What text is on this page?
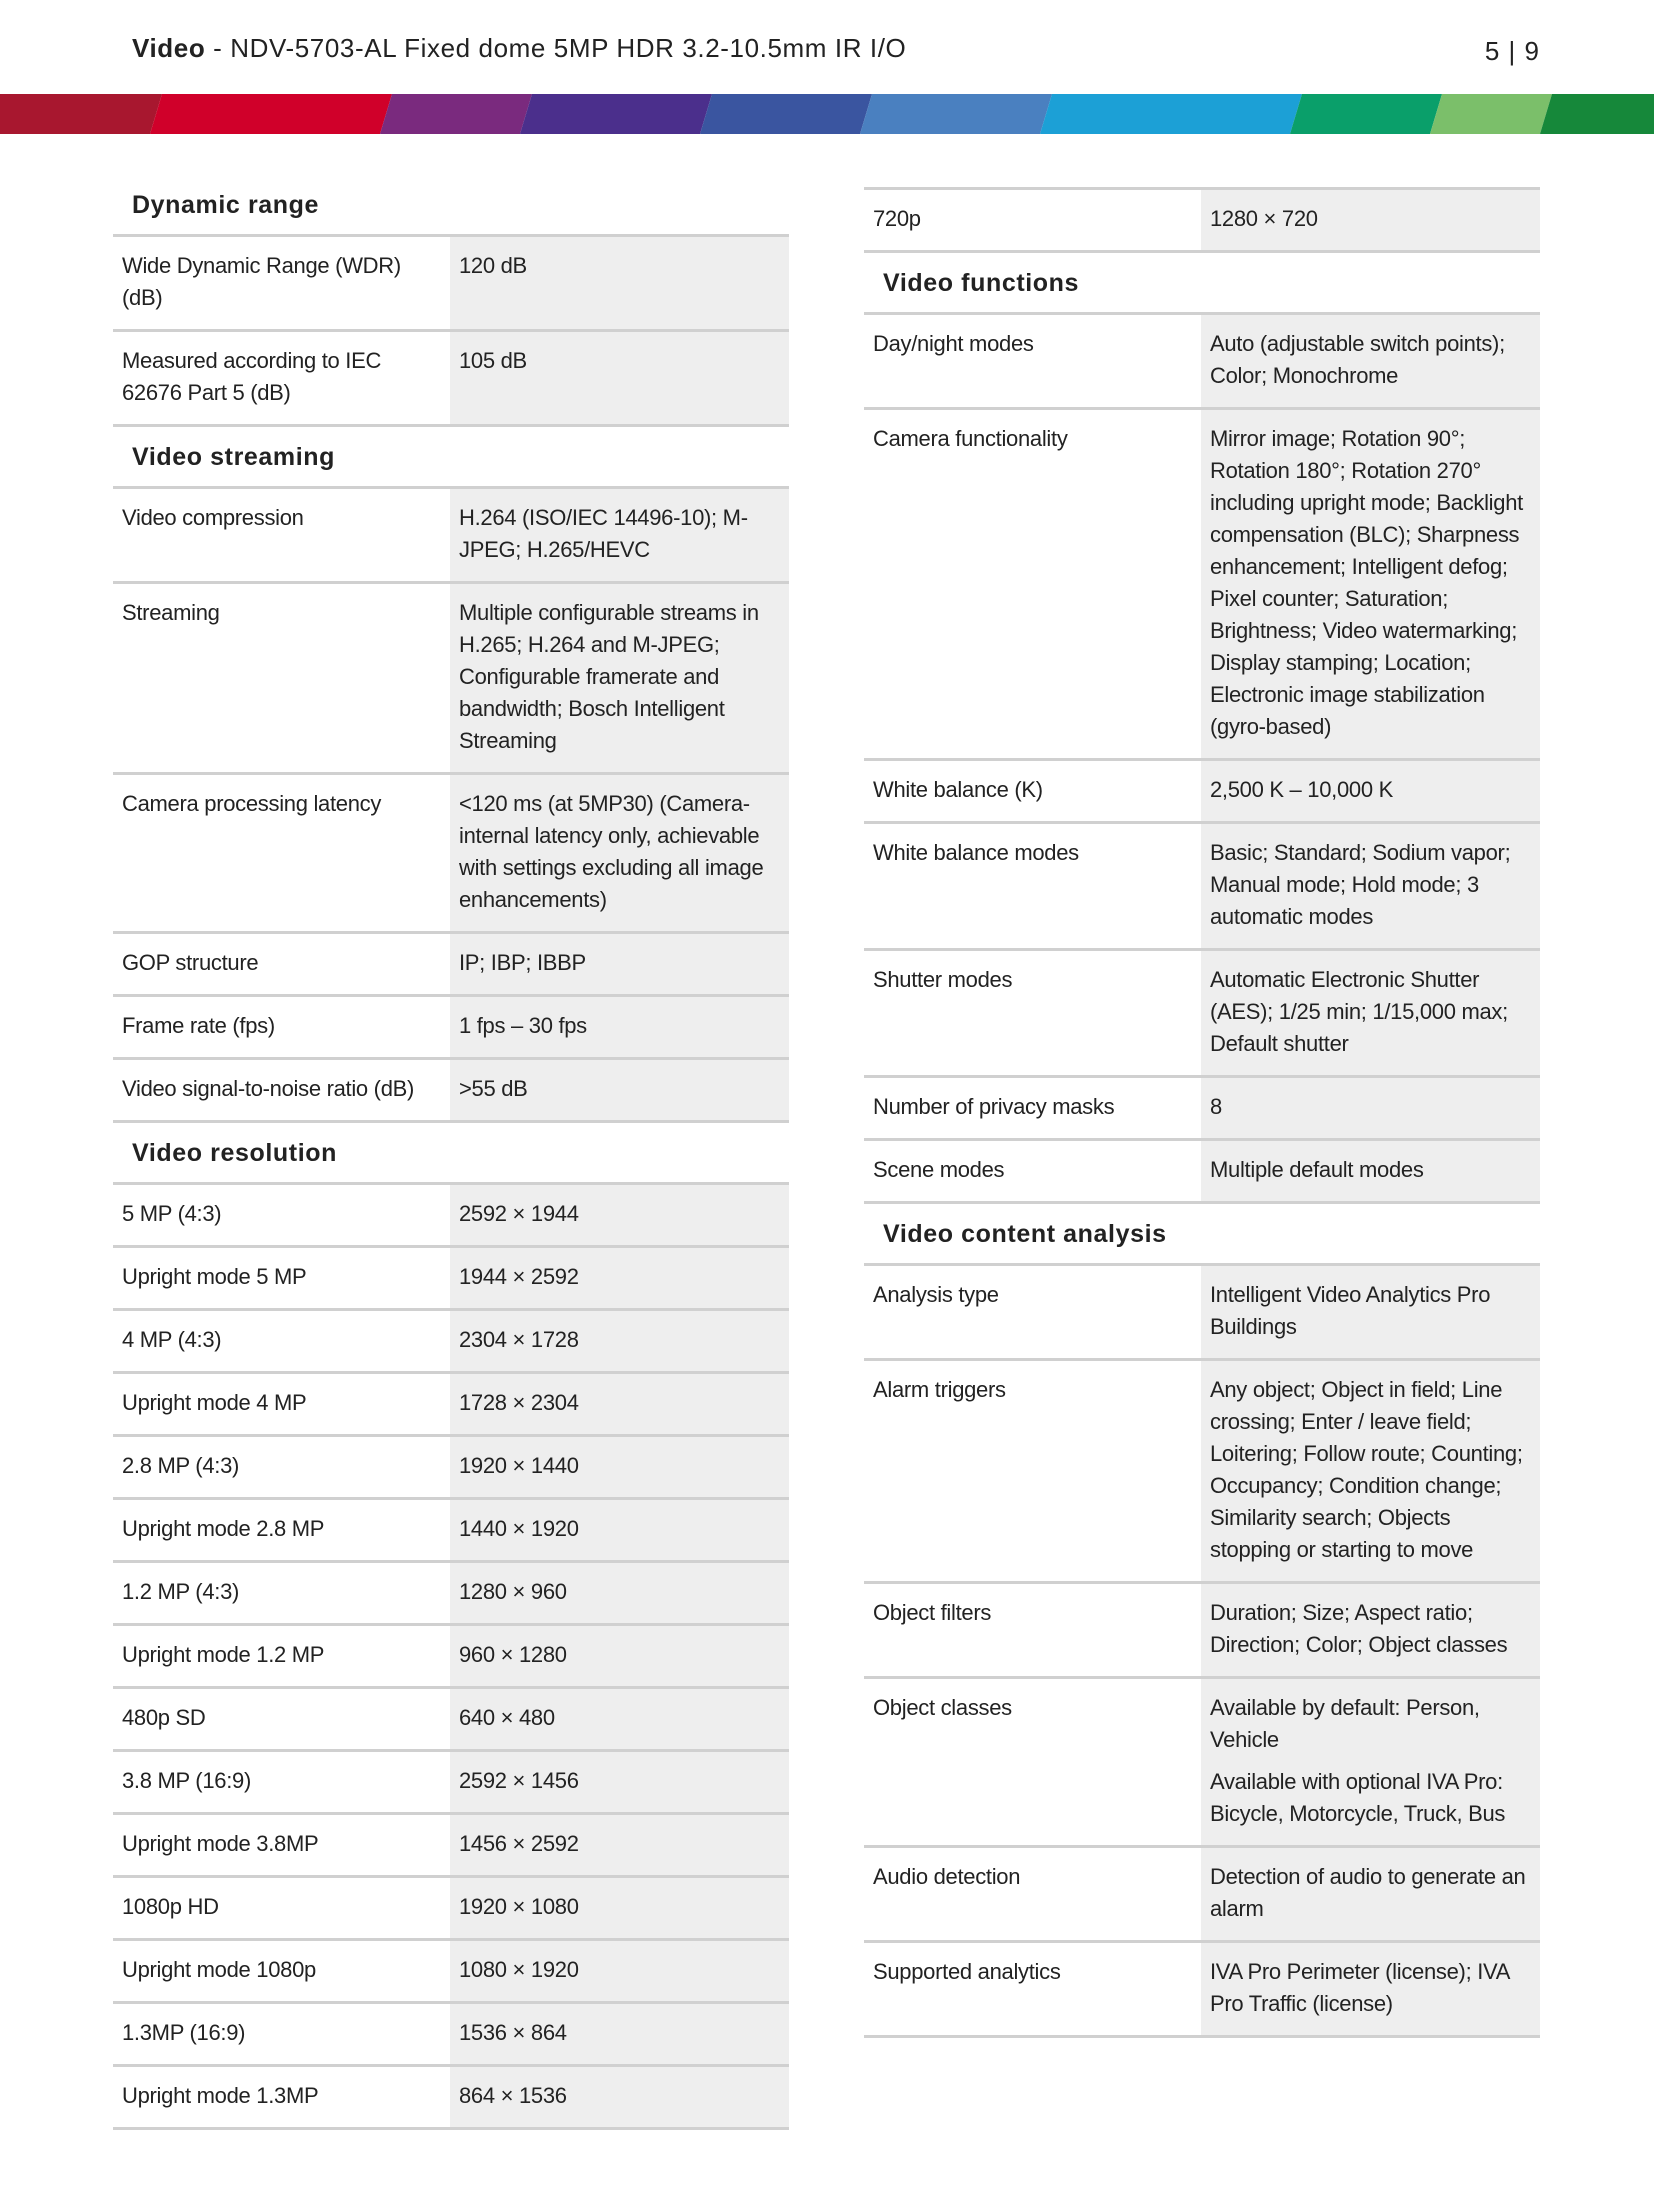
Video - NDV-5703-AL Fixed dome 5MP HDR 3.2-10.5mm IR I/O	5 | 9
Dynamic range	
Wide Dynamic Range (WDR) (dB)	120 dB

Measured according to IEC 62676 Part 5 (dB)	105 dB

Video streaming	
Video compression	H.264 (ISO/IEC 14496-10); M-JPEG; H.265/HEVC

Streaming	Multiple configurable streams in H.265; H.264 and M-JPEG; Configurable framerate and bandwidth; Bosch Intelligent Streaming

Camera processing latency	<120 ms (at 5MP30) (Camera-internal latency only, achievable with settings excluding all image enhancements)

GOP structure	IP; IBP; IBBP

Frame rate (fps)	1 fps – 30 fps

Video signal-to-noise ratio (dB)	>55 dB

Video resolution	
5 MP (4:3)	2592 × 1944

Upright mode 5 MP	1944 × 2592

4 MP (4:3)	2304 × 1728

Upright mode 4 MP	1728 × 2304

2.8 MP (4:3)	1920 × 1440

Upright mode 2.8 MP	1440 × 1920

1.2 MP (4:3)	1280 × 960

Upright mode 1.2 MP	960 × 1280

480p SD	640 × 480

3.8 MP (16:9)	2592 × 1456

Upright mode 3.8MP	1456 × 2592

1080p HD	1920 × 1080

Upright mode 1080p	1080 × 1920

1.3MP (16:9)	1536 × 864

Upright mode 1.3MP	864 × 1536
720p	1280 × 720

Video functions	
Day/night modes	Auto (adjustable switch points); Color; Monochrome

Camera functionality	Mirror image; Rotation 90°; Rotation 180°; Rotation 270° including upright mode; Backlight compensation (BLC); Sharpness enhancement; Intelligent defog; Pixel counter; Saturation; Brightness; Video watermarking; Display stamping; Location; Electronic image stabilization (gyro-based)

White balance (K)	2,500 K – 10,000 K

White balance modes	Basic; Standard; Sodium vapor; Manual mode; Hold mode; 3 automatic modes

Shutter modes	Automatic Electronic Shutter (AES); 1/25 min; 1/15,000 max; Default shutter

Number of privacy masks	8

Scene modes	Multiple default modes

Video content analysis	
Analysis type	Intelligent Video Analytics Pro Buildings

Alarm triggers	Any object; Object in field; Line crossing; Enter / leave field; Loitering; Follow route; Counting; Occupancy; Condition change; Similarity search; Objects stopping or starting to move

Object filters	Duration; Size; Aspect ratio; Direction; Color; Object classes

Object classes	Available by default: Person, Vehicle
Available with optional IVA Pro: Bicycle, Motorcycle, Truck, Bus

Audio detection	Detection of audio to generate an alarm

Supported analytics	IVA Pro Perimeter (license); IVA Pro Traffic (license)
